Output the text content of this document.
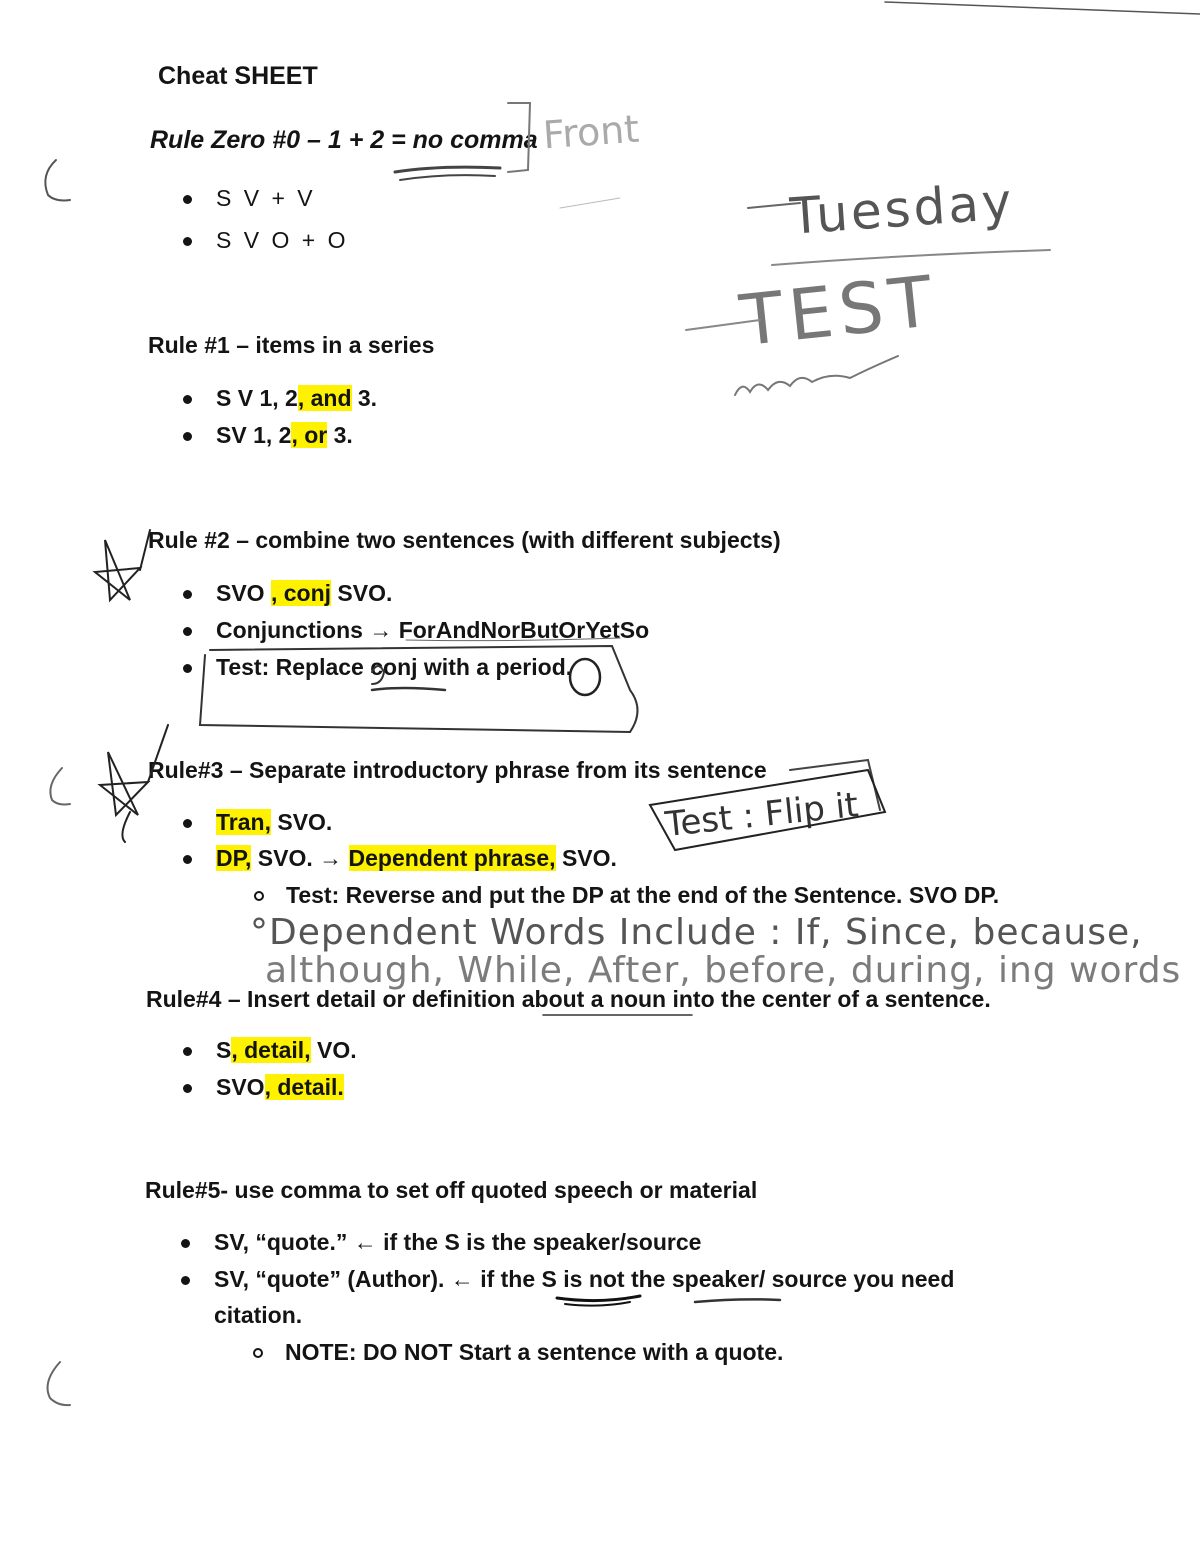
Cheat SHEET
Rule Zero #0 – 1 + 2 = no comma
S V + V
S V O + O
Rule #1 – items in a series
S V 1, 2, and 3.
SV 1, 2, or 3.
Rule #2 – combine two sentences (with different subjects)
SVO , conj SVO.
Conjunctions → ForAndNorButOrYetSo
Test: Replace conj with a period.
Rule#3 – Separate introductory phrase from its sentence
Tran, SVO.
DP, SVO. → Dependent phrase, SVO.
Test: Reverse and put the DP at the end of the Sentence. SVO DP.
Rule#4 – Insert detail or definition about a noun into the center of a sentence.
S, detail, VO.
SVO, detail.
Rule#5- use comma to set off quoted speech or material
SV, “quote.” ← if the S is the speaker/source
SV, “quote” (Author). ← if the S is not the speaker/ source you need
citation.
NOTE: DO NOT Start a sentence with a quote.
Front
Tuesday
TEST
Test : Flip it
°Dependent Words Include : If, Since, because,
although, While, After, before, during, ing words
